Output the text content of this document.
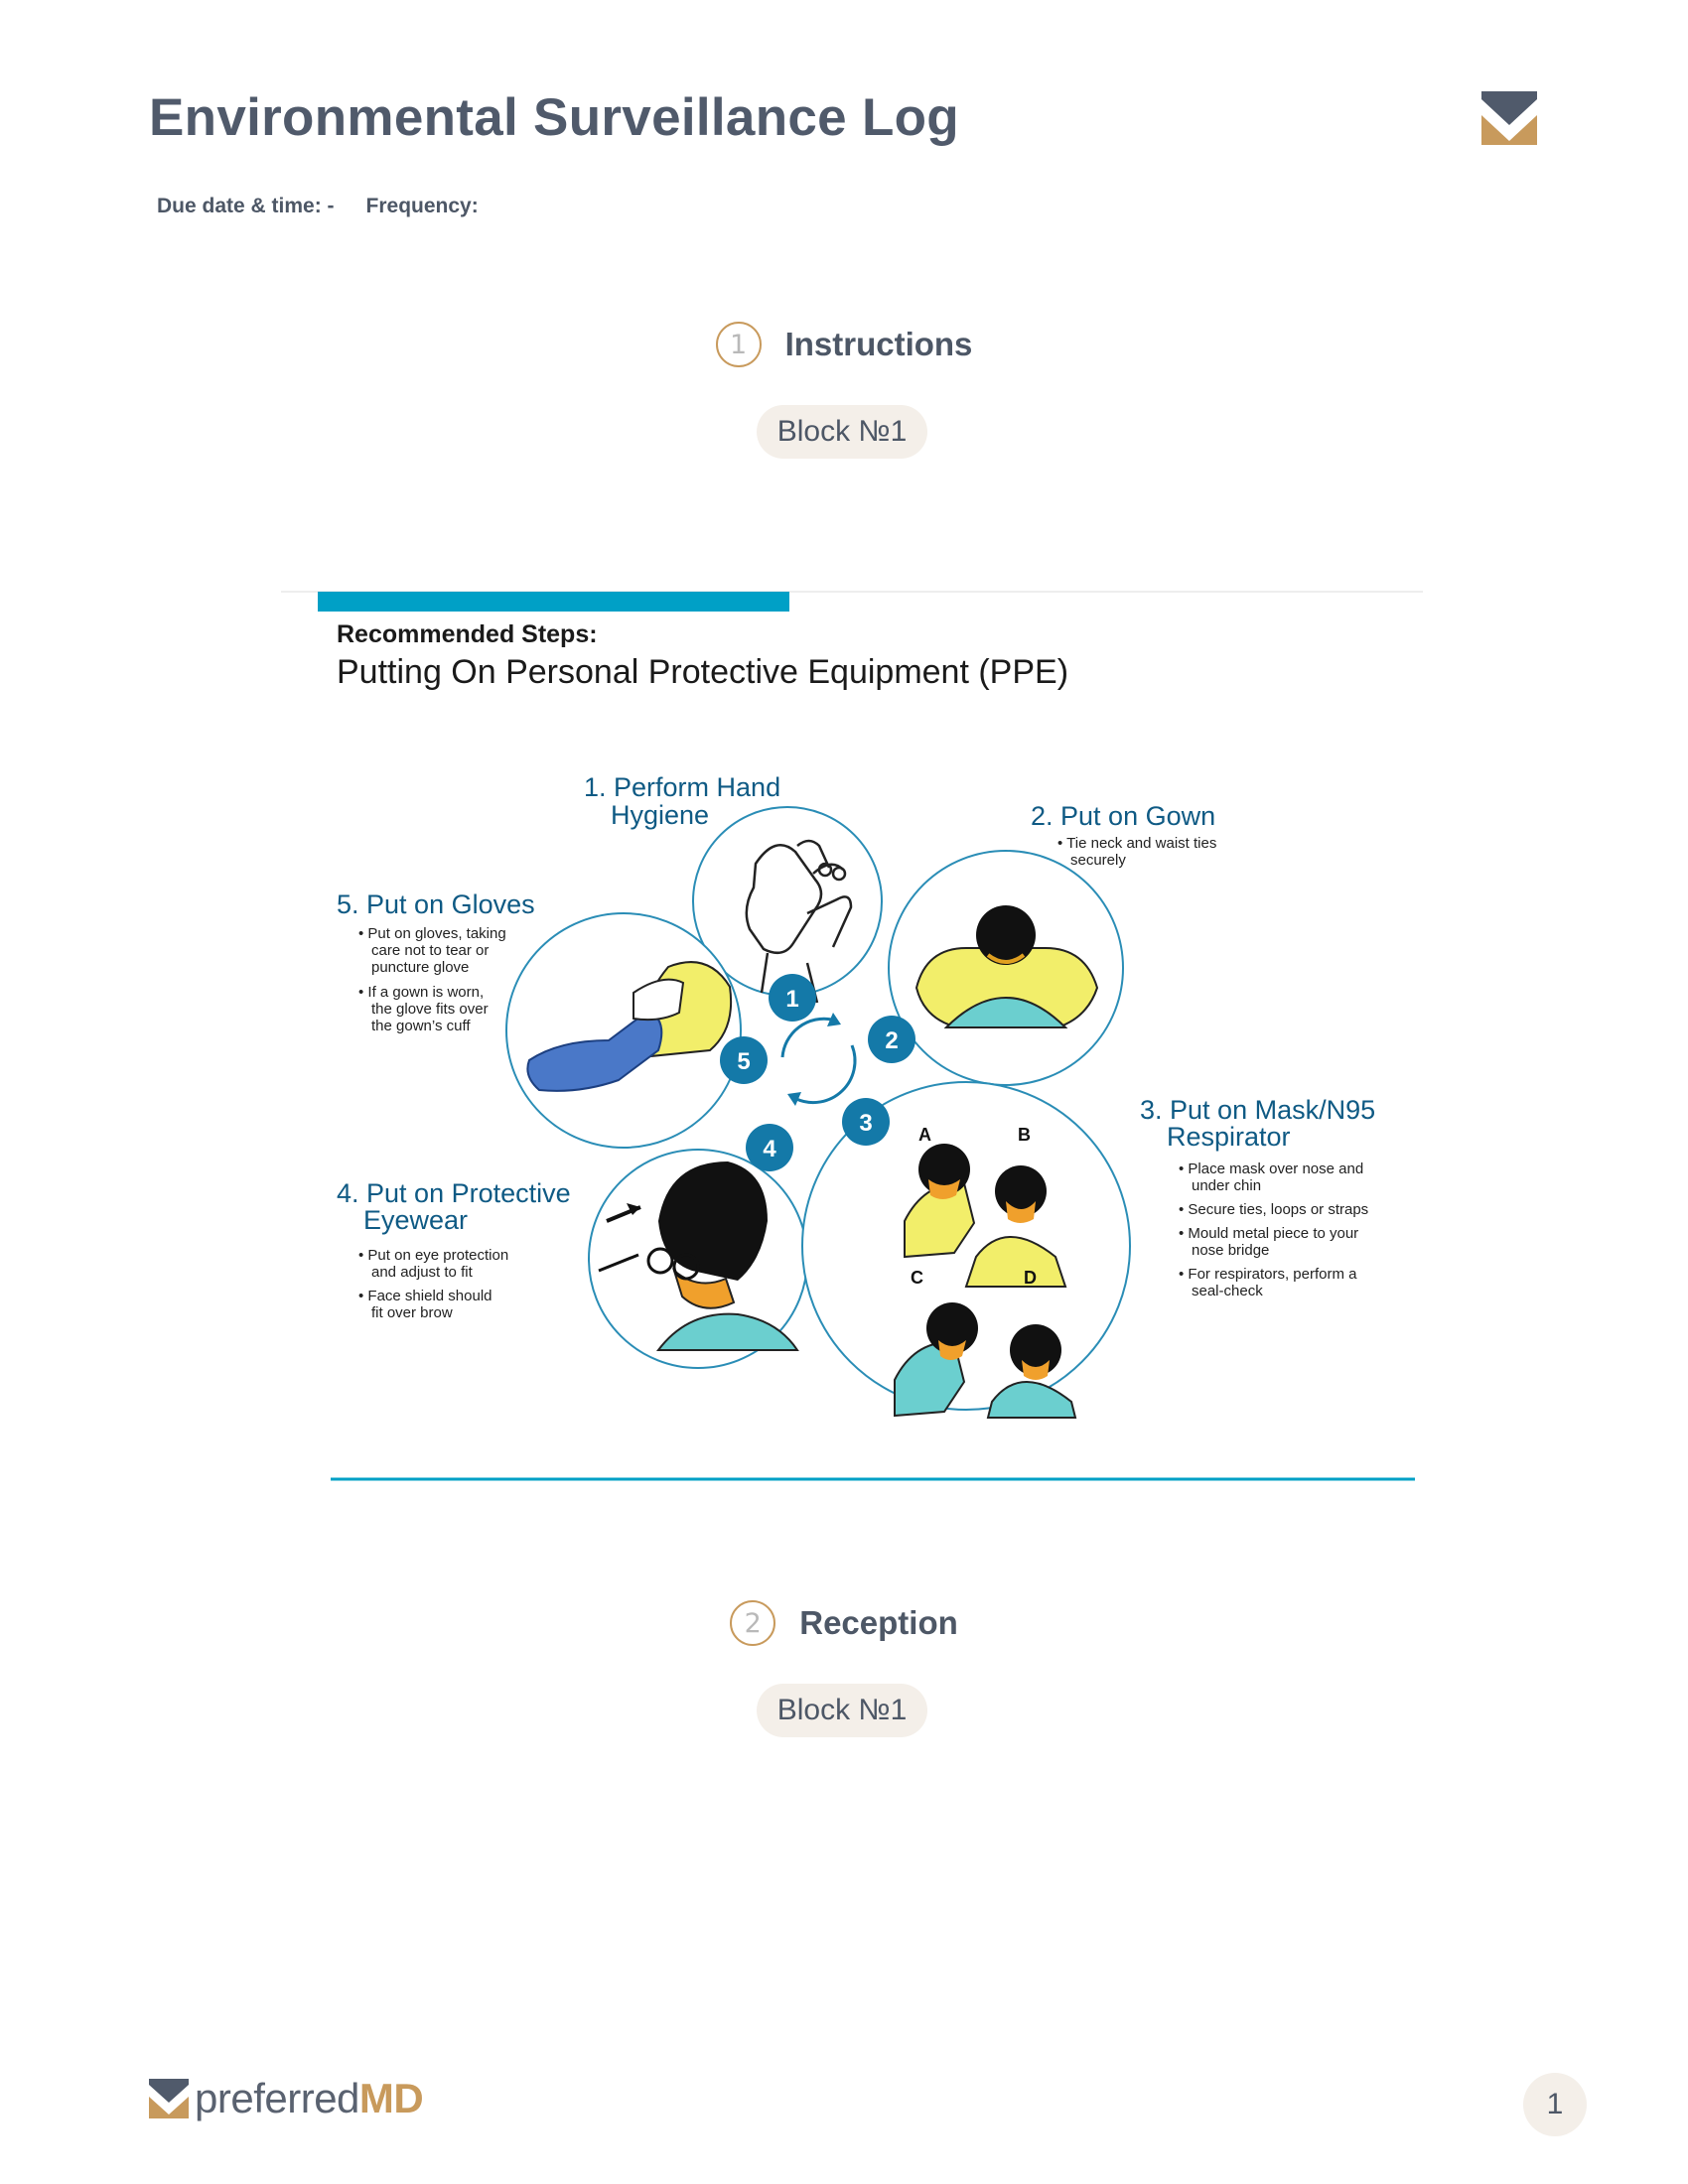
Environmental Surveillance Log
Due date & time: - Frequency:
1	Instructions
Block №1
Recommended Steps:
Putting On Personal Protective Equipment (PPE)
1. Perform Hand
Hygiene	2. Put on Gown
• Tie neck and waist ties
securely
5. Put on Gloves
• Put on gloves, taking
care not to tear or
puncture glove
• If a gown is worn,
the glove fits over
the gown’s cuff
4. Put on Protective
Eyewear
• Put on eye protection
and adjust to fit
• Face shield should
fit over brow
A	B
C	D
3. Put on Mask/N95
Respirator
• Place mask over nose and
under chin
• Secure ties, loops or straps
• Mould metal piece to your
nose bridge
• For respirators, perform a
seal-check
1
2
3
4
5
2	Reception
Block №1
preferredMD	1
